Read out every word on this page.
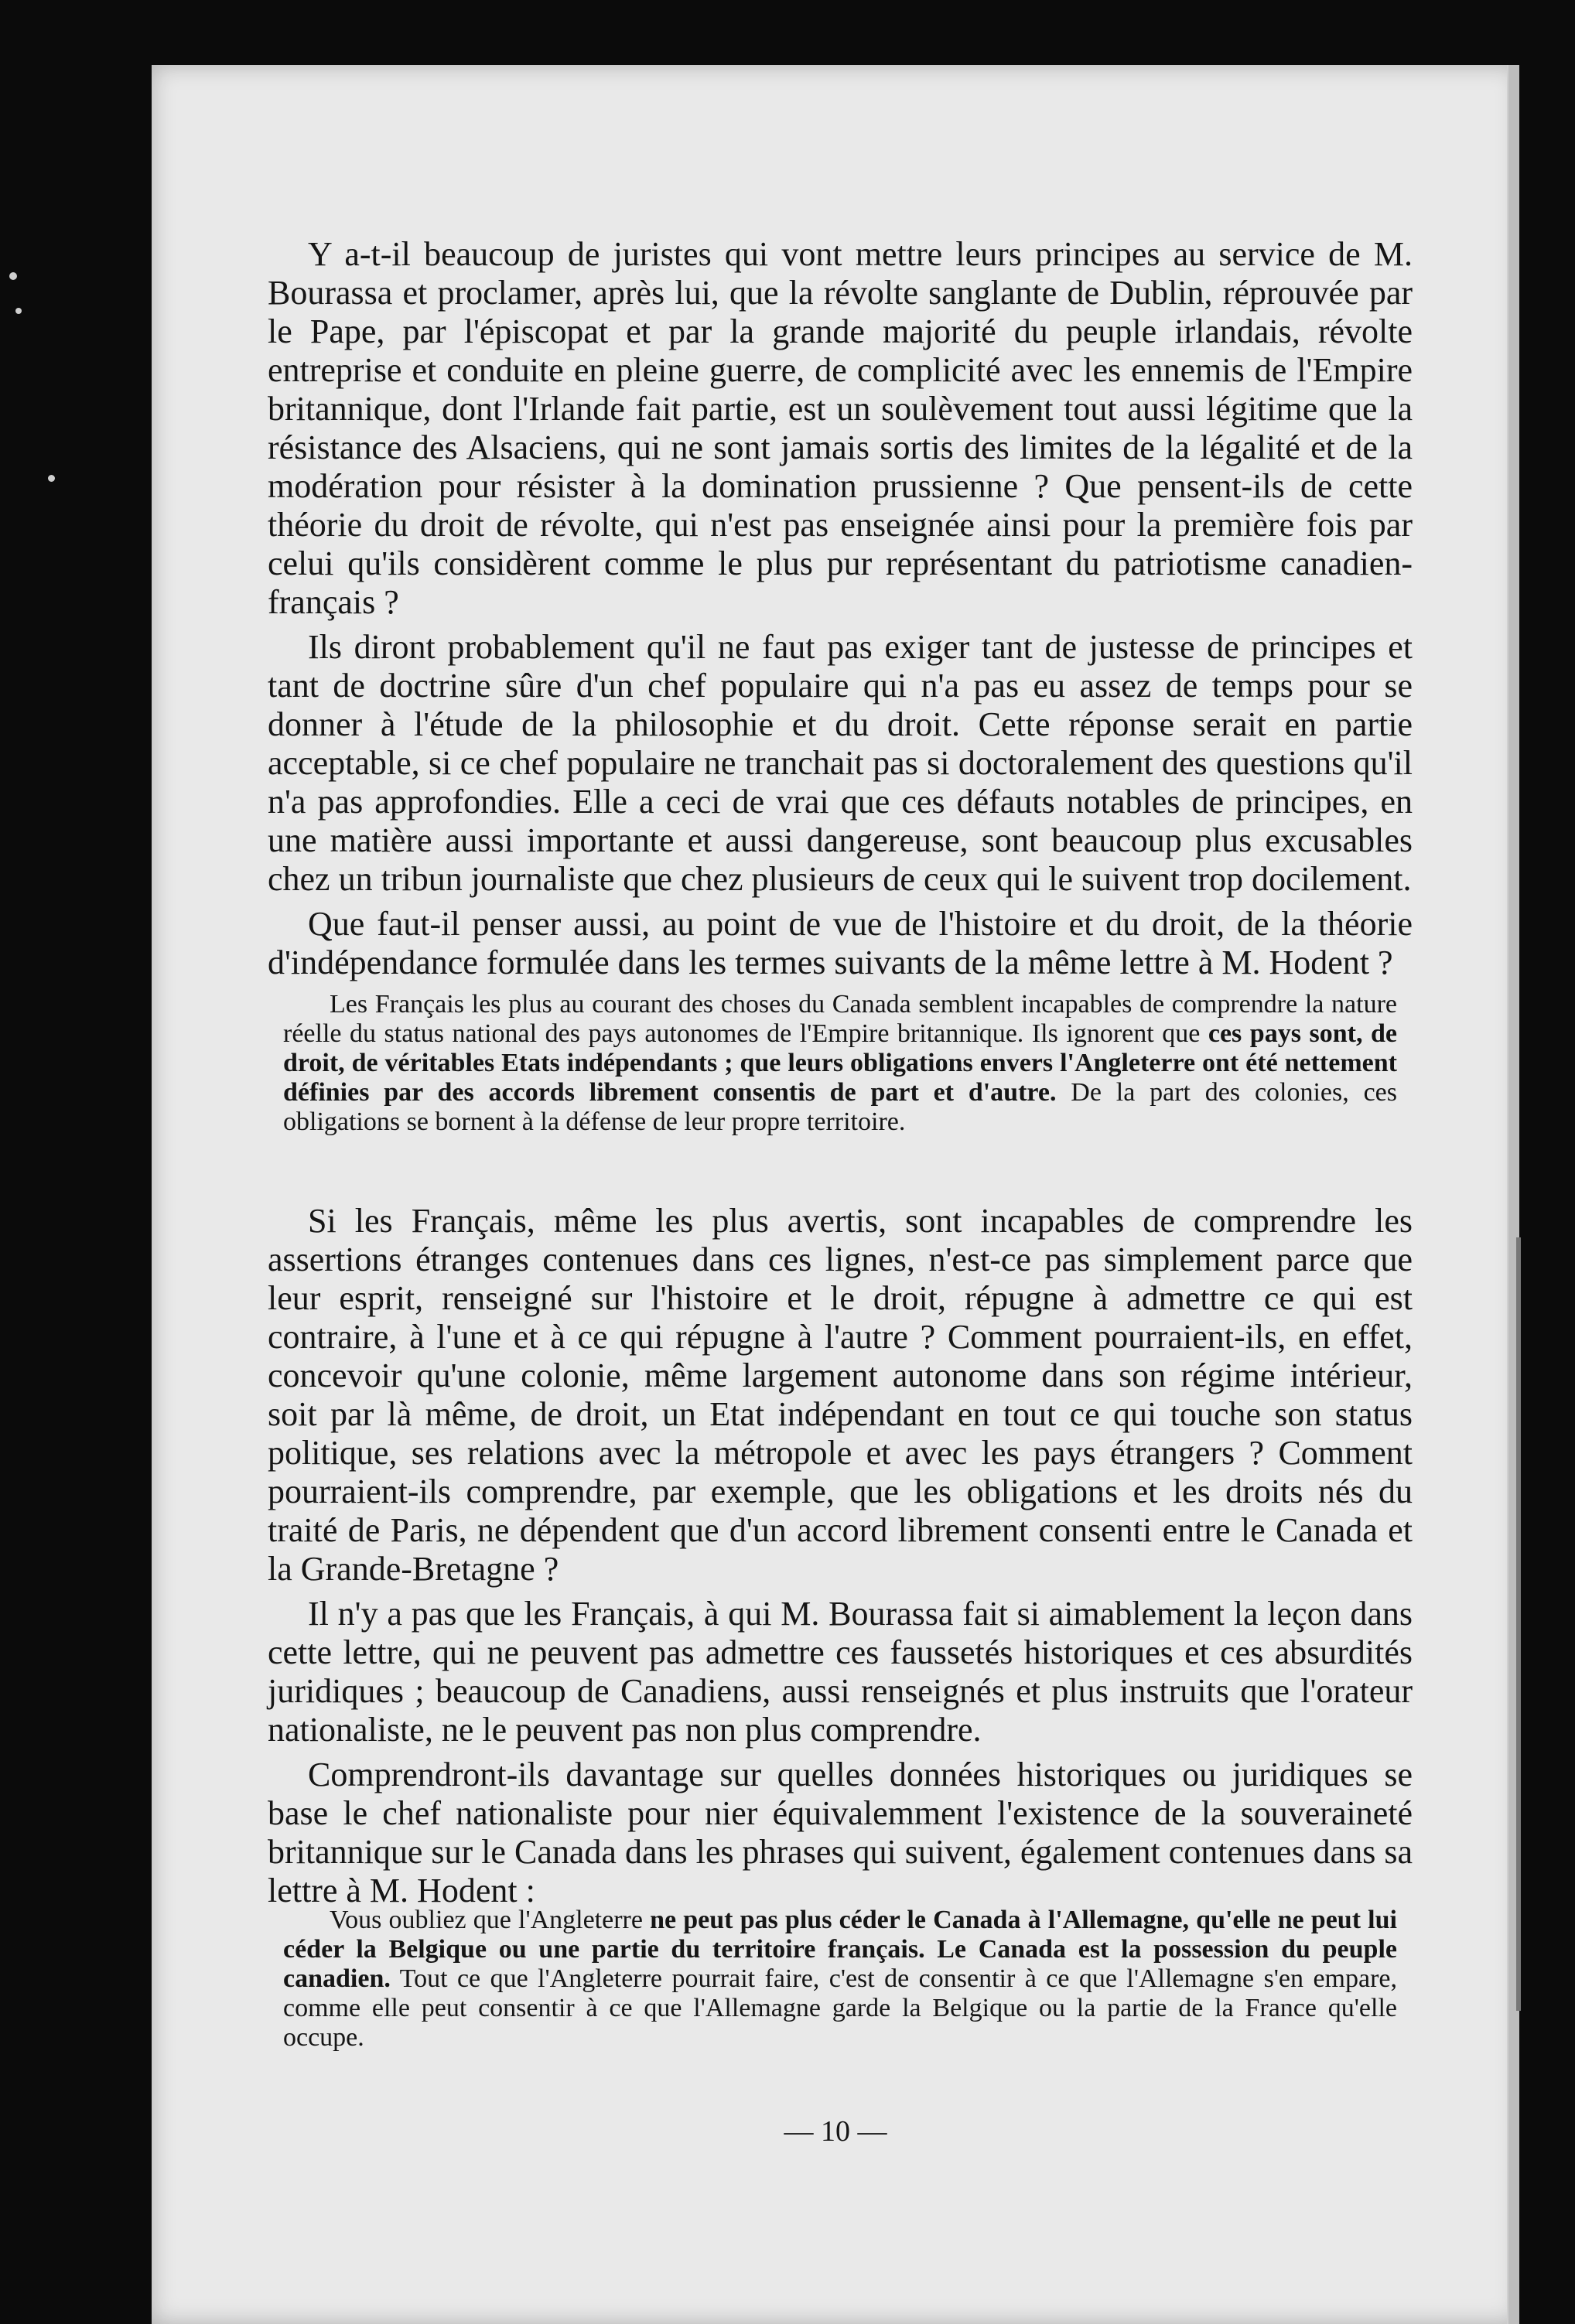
Y a-t-il beaucoup de juristes qui vont mettre leurs principes au service de M. Bourassa et proclamer, après lui, que la révolte sanglante de Dublin, réprouvée par le Pape, par l'épiscopat et par la grande majorité du peuple irlandais, révolte entreprise et conduite en pleine guerre, de complicité avec les ennemis de l'Empire britannique, dont l'Irlande fait partie, est un soulèvement tout aussi légitime que la résistance des Alsaciens, qui ne sont jamais sortis des limites de la légalité et de la modération pour résister à la domination prussienne ? Que pensent-ils de cette théorie du droit de révolte, qui n'est pas enseignée ainsi pour la première fois par celui qu'ils considèrent comme le plus pur représentant du patriotisme canadien-français ?

Ils diront probablement qu'il ne faut pas exiger tant de justesse de principes et tant de doctrine sûre d'un chef populaire qui n'a pas eu assez de temps pour se donner à l'étude de la philosophie et du droit. Cette réponse serait en partie acceptable, si ce chef populaire ne tranchait pas si doctoralement des questions qu'il n'a pas approfondies. Elle a ceci de vrai que ces défauts notables de principes, en une matière aussi importante et aussi dangereuse, sont beaucoup plus excusables chez un tribun journaliste que chez plusieurs de ceux qui le suivent trop docilement.

Que faut-il penser aussi, au point de vue de l'histoire et du droit, de la théorie d'indépendance formulée dans les termes suivants de la même lettre à M. Hodent ?

Les Français les plus au courant des choses du Canada semblent incapables de comprendre la nature réelle du status national des pays autonomes de l'Empire britannique. Ils ignorent que ces pays sont, de droit, de véritables Etats indépendants ; que leurs obligations envers l'Angleterre ont été nettement définies par des accords librement consentis de part et d'autre. De la part des colonies, ces obligations se bornent à la défense de leur propre territoire.

Si les Français, même les plus avertis, sont incapables de comprendre les assertions étranges contenues dans ces lignes, n'est-ce pas simplement parce que leur esprit, renseigné sur l'histoire et le droit, répugne à admettre ce qui est contraire, à l'une et à ce qui répugne à l'autre ? Comment pourraient-ils, en effet, concevoir qu'une colonie, même largement autonome dans son régime intérieur, soit par là même, de droit, un Etat indépendant en tout ce qui touche son status politique, ses relations avec la métropole et avec les pays étrangers ? Comment pourraient-ils comprendre, par exemple, que les obligations et les droits nés du traité de Paris, ne dépendent que d'un accord librement consenti entre le Canada et la Grande-Bretagne ?

Il n'y a pas que les Français, à qui M. Bourassa fait si aimablement la leçon dans cette lettre, qui ne peuvent pas admettre ces faussetés historiques et ces absurdités juridiques ; beaucoup de Canadiens, aussi renseignés et plus instruits que l'orateur nationaliste, ne le peuvent pas non plus comprendre.

Comprendront-ils davantage sur quelles données historiques ou juridiques se base le chef nationaliste pour nier équivalemment l'existence de la souveraineté britannique sur le Canada dans les phrases qui suivent, également contenues dans sa lettre à M. Hodent :

Vous oubliez que l'Angleterre ne peut pas plus céder le Canada à l'Allemagne, qu'elle ne peut lui céder la Belgique ou une partie du territoire français. Le Canada est la possession du peuple canadien. Tout ce que l'Angleterre pourrait faire, c'est de consentir à ce que l'Allemagne s'en empare, comme elle peut consentir à ce que l'Allemagne garde la Belgique ou la partie de la France qu'elle occupe.

— 10 —
